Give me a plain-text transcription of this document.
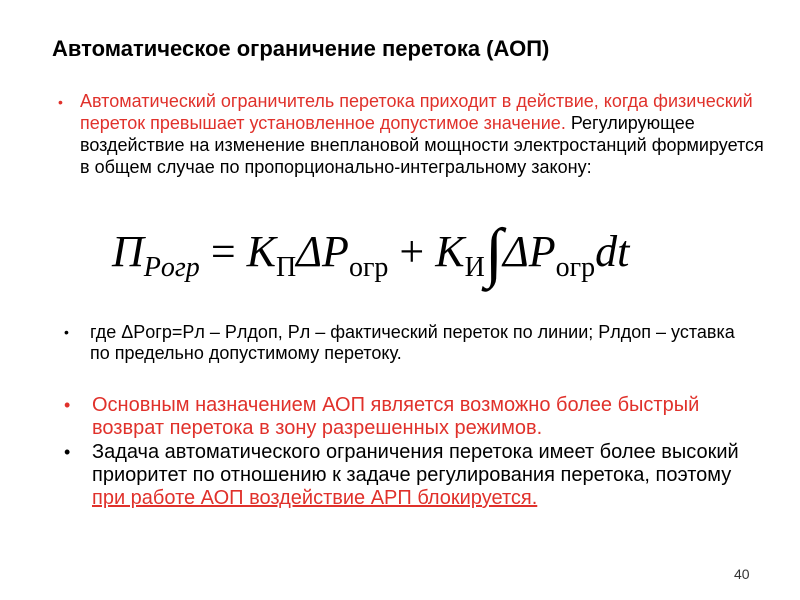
Автоматическое ограничение перетока (АОП)
• Автоматический ограничитель перетока приходит в действие, когда физический переток превышает установленное допустимое значение. Регулирующее воздействие на изменение внеплановой мощности электростанций формируется в общем случае по пропорционально-интегральному закону:
$П_{Pогр} = K_П\Delta P_{огр} + K_И\int\Delta P_{огр}dt$
• где ΔPогр=Pл – Pлдоп, Pл – фактический переток по линии; Pлдоп – уставка по предельно допустимому перетоку.
• Основным назначением АОП является возможно более быстрый возврат перетока в зону разрешенных режимов.
• Задача автоматического ограничения перетока имеет более высокий приоритет по отношению к задаче регулирования перетока, поэтому при работе АОП воздействие АРП блокируется.
40
